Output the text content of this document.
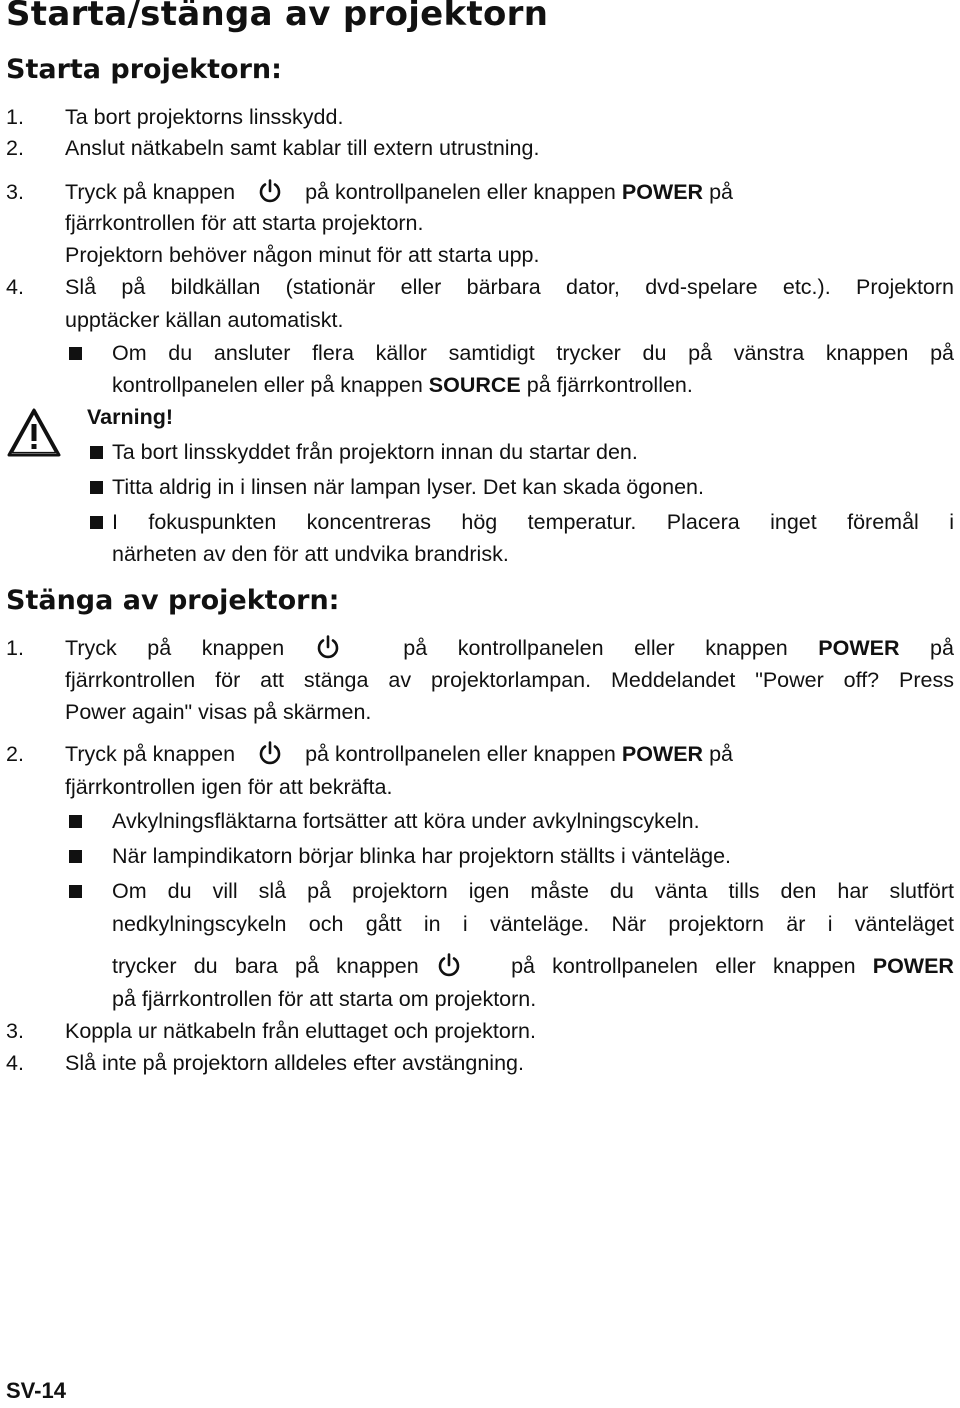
Starta/stänga av projektorn
Starta projektorn:
1. Ta bort projektorns linsskydd.
2. Anslut nätkabeln samt kablar till extern utrustning.
3. Tryck på knappen	på kontrollpanelen eller knappen POWER på
fjärrkontrollen för att starta projektorn.
Projektorn behöver någon minut för att starta upp.
4. Slå på bildkällan (stationär eller bärbara dator, dvd-spelare etc.). Projektorn
upptäcker källan automatiskt.
Om du ansluter flera källor samtidigt trycker du på vänstra knappen på
kontrollpanelen eller på knappen SOURCE på fjärrkontrollen.
Varning!
Ta bort linsskyddet från projektorn innan du startar den.
Titta aldrig in i linsen när lampan lyser. Det kan skada ögonen.
I fokuspunkten koncentreras hög temperatur. Placera inget föremål i
närheten av den för att undvika brandrisk.
Stänga av projektorn:
1. Tryck på knappen	på kontrollpanelen eller knappen POWER på
fjärrkontrollen för att stänga av projektorlampan. Meddelandet "Power off? Press
Power again" visas på skärmen.
2. Tryck på knappen	på kontrollpanelen eller knappen POWER på
fjärrkontrollen igen för att bekräfta.
Avkylningsfläktarna fortsätter att köra under avkylningscykeln.
När lampindikatorn börjar blinka har projektorn ställts i vänteläge.
Om du vill slå på projektorn igen måste du vänta tills den har slutfört
nedkylningscykeln och gått in i vänteläge. När projektorn är i vänteläget
trycker du bara på knappen	på kontrollpanelen eller knappen POWER
på fjärrkontrollen för att starta om projektorn.
3. Koppla ur nätkabeln från eluttaget och projektorn.
4. Slå inte på projektorn alldeles efter avstängning.
SV-14
